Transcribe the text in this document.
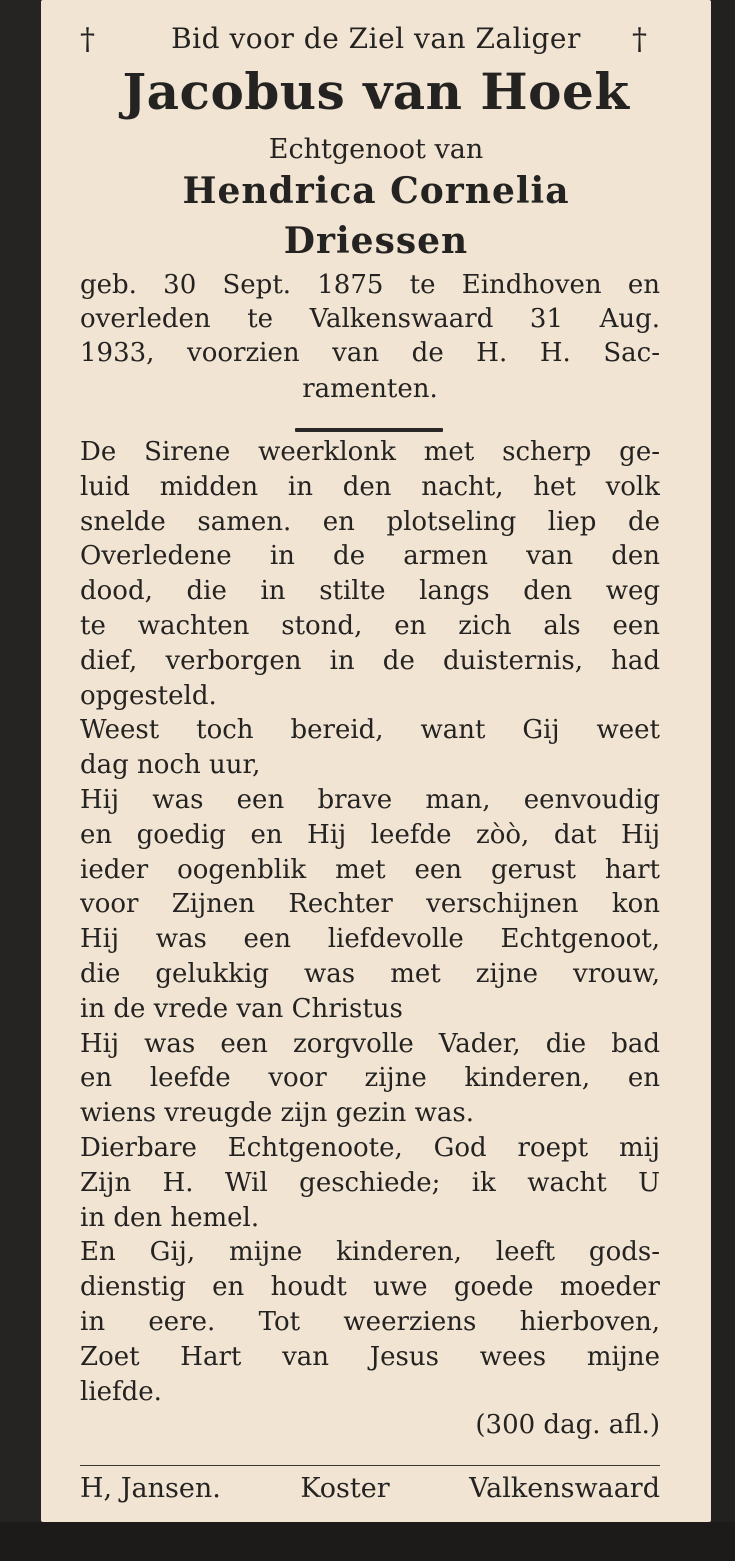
†	†
Bid voor de Ziel van Zaliger
Jacobus van Hoek
Echtgenoot van
Hendrica Cornelia
Driessen
geb. 30 Sept. 1875 te Eindhoven en
overleden te Valkenswaard 31 Aug.
1933, voorzien van de H. H. Sac-
ramenten.
De Sirene weerklonk met scherp ge-
luid midden in den nacht, het volk
snelde samen. en plotseling liep de
Overledene in de armen van den
dood, die in stilte langs den weg
te wachten stond, en zich als een
dief, verborgen in de duisternis, had
opgesteld.
Weest toch bereid, want Gij weet
dag noch uur,
Hij was een brave man, eenvoudig
en goedig en Hij leefde zòò, dat Hij
ieder oogenblik met een gerust hart
voor Zijnen Rechter verschijnen kon
Hij was een liefdevolle Echtgenoot,
die gelukkig was met zijne vrouw,
in de vrede van Christus
Hij was een zorgvolle Vader, die bad
en leefde voor zijne kinderen, en
wiens vreugde zijn gezin was.
Dierbare Echtgenoote, God roept mij
Zijn H. Wil geschiede; ik wacht U
in den hemel.
En Gij, mijne kinderen, leeft gods-
dienstig en houdt uwe goede moeder
in eere. Tot weerziens hierboven,
Zoet Hart van Jesus wees mijne
liefde.
(300 dag. afl.)
H, Jansen.	Koster	Valkenswaard
